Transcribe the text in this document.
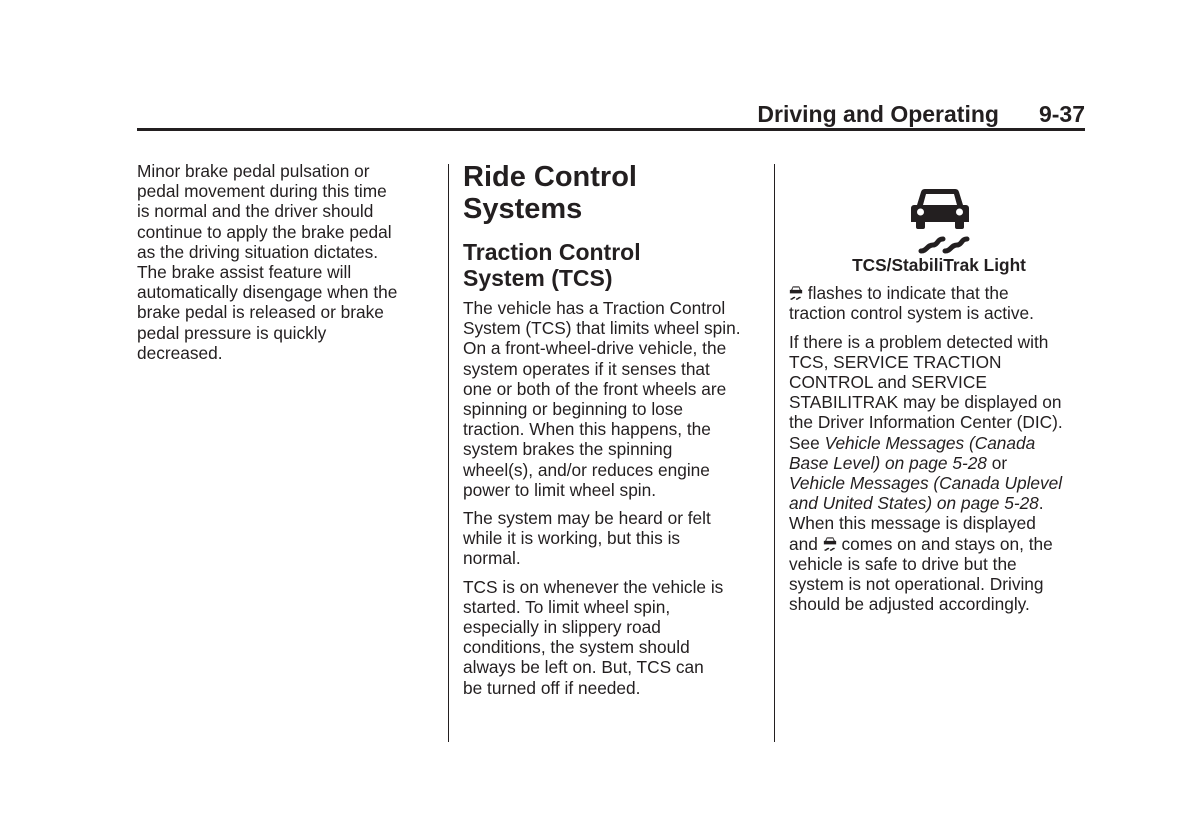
Driving and Operating 9-37

Minor brake pedal pulsation or
pedal movement during this time
is normal and the driver should
continue to apply the brake pedal
as the driving situation dictates.
The brake assist feature will
automatically disengage when the
brake pedal is released or brake
pedal pressure is quickly
decreased.

Ride Control Systems
Traction Control
System (TCS)

The vehicle has a Traction Control
System (TCS) that limits wheel spin.
On a front-wheel-drive vehicle, the
system operates if it senses that
one or both of the front wheels are
spinning or beginning to lose
traction. When this happens, the
system brakes the spinning
wheel(s), and/or reduces engine
power to limit wheel spin.

The system may be heard or felt
while it is working, but this is
normal.

TCS is on whenever the vehicle is
started. To limit wheel spin,
especially in slippery road
conditions, the system should
always be left on. But, TCS can
be turned off if needed.

TCS/StabiliTrak Light

flashes to indicate that the
traction control system is active.

If there is a problem detected with
TCS, SERVICE TRACTION
CONTROL and SERVICE
STABILITRAK may be displayed on
the Driver Information Center (DIC).
See Vehicle Messages (Canada
Base Level) on page 5-28 or
Vehicle Messages (Canada Uplevel
and United States) on page 5-28.
When this message is displayed
and  comes on and stays on, the
vehicle is safe to drive but the
system is not operational. Driving
should be adjusted accordingly.
